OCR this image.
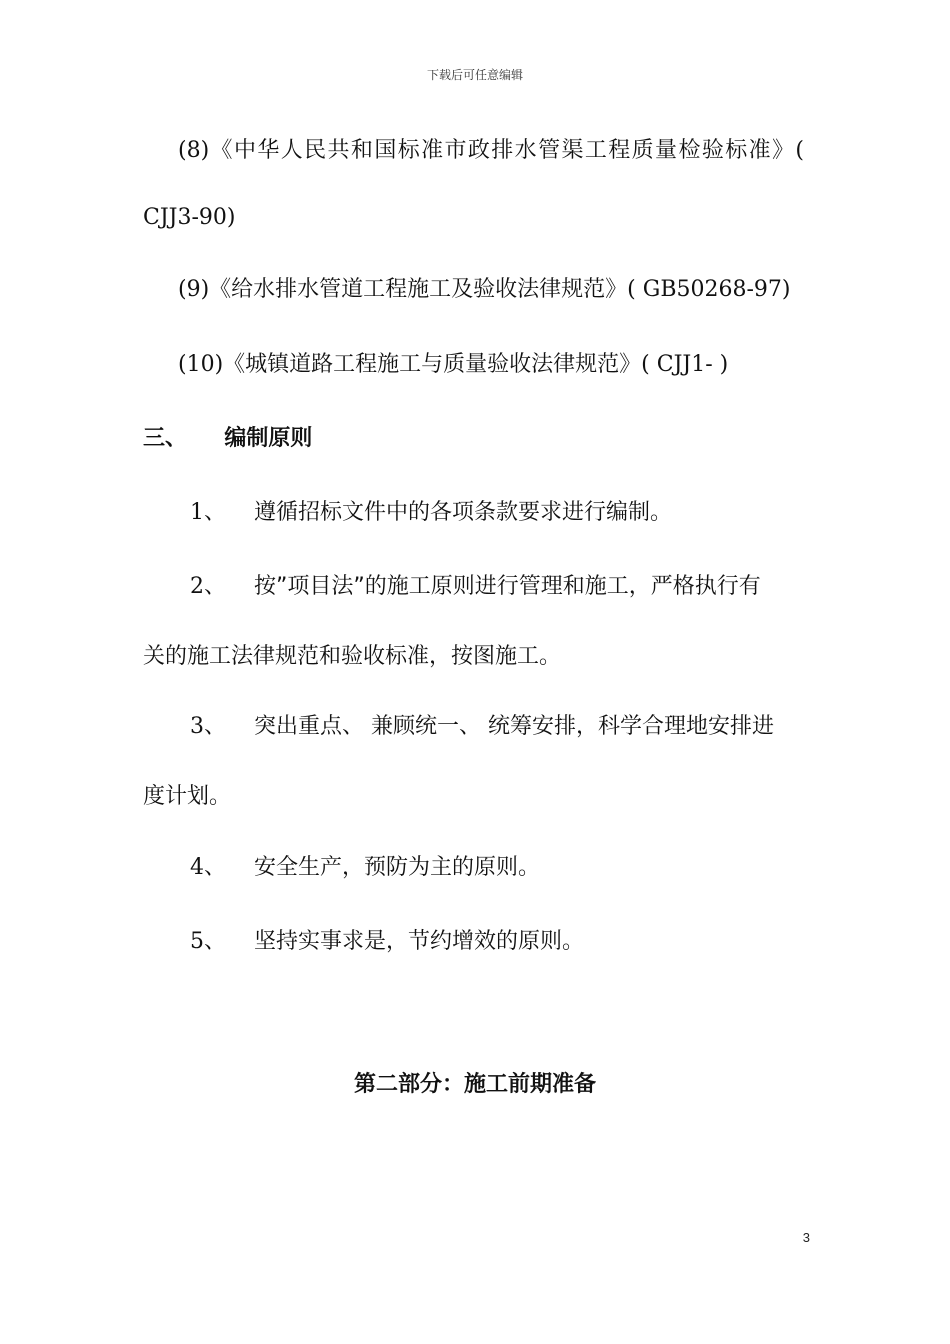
下载后可任意编辑
(8)《中华人民共和国标准市政排水管渠工程质量检验标准》(
CJJ3-90)
(9)《给水排水管道工程施工及验收法律规范》( GB50268-97)
(10)《城镇道路工程施工与质量验收法律规范》( CJJ1- )
三、 编制原则
1、 遵循招标文件中的各项条款要求进行编制。
2、 按”项目法”的施工原则进行管理和施工，严格执行有
关的施工法律规范和验收标准，按图施工。
3、 突出重点、 兼顾统一、 统筹安排，科学合理地安排进
度计划。
4、 安全生产，预防为主的原则。
5、 坚持实事求是，节约增效的原则。
第二部分：施工前期准备
3
